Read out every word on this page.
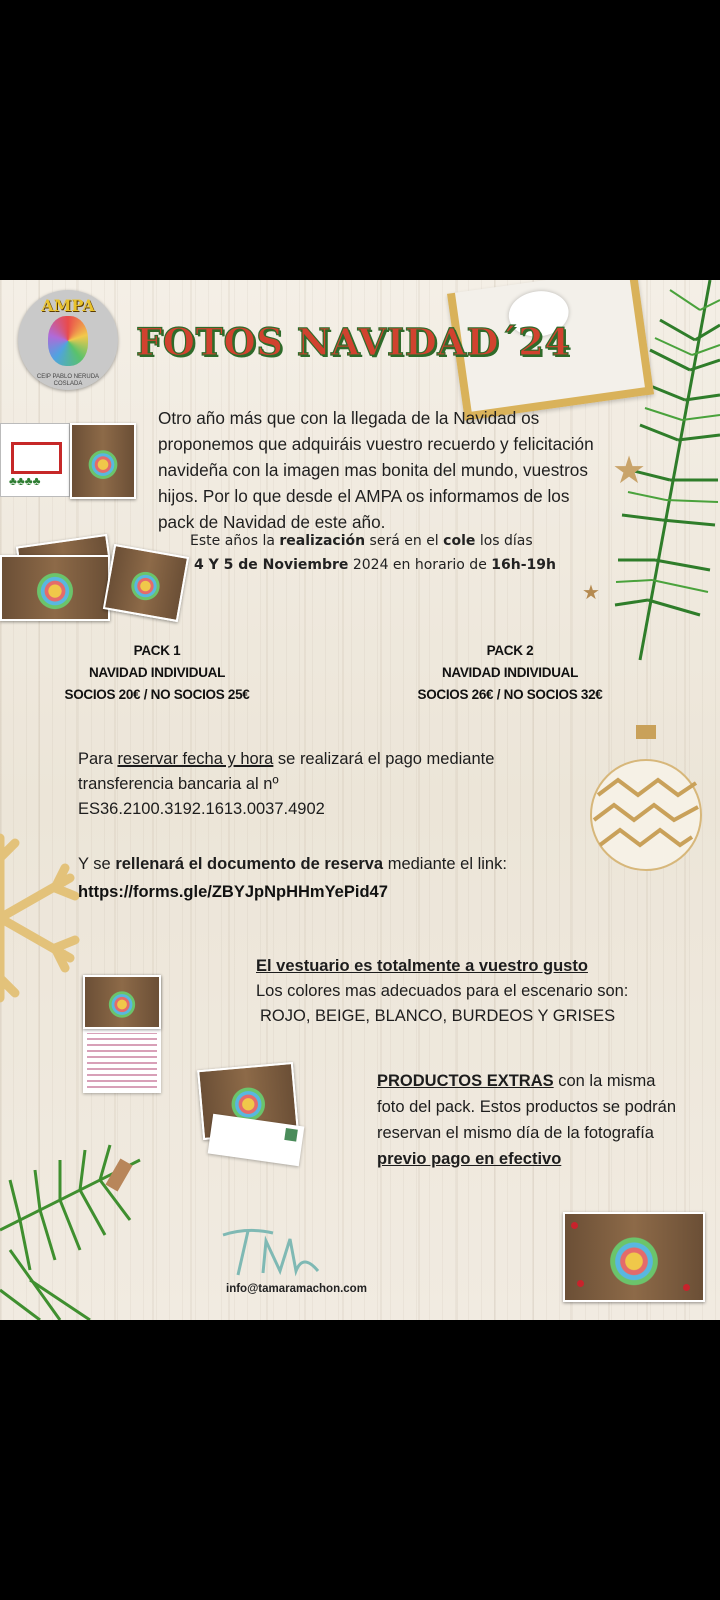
★
★
AMPA
CEIP PABLO NERUDA
COSLADA
FOTOS NAVIDAD´24
♣♣♣♣
Otro año más que con la llegada de la Navidad os proponemos que adquiráis vuestro recuerdo y felicitación navideña con la imagen mas bonita del mundo, vuestros hijos. Por lo que desde el AMPA os informamos de los pack de Navidad de este año.
Este años la realización será en el cole los días
4 Y 5 de Noviembre 2024 en horario de 16h-19h
PACK 1
NAVIDAD INDIVIDUAL
SOCIOS 20€ / NO SOCIOS 25€
PACK 2
NAVIDAD INDIVIDUAL
SOCIOS 26€ / NO SOCIOS 32€
Para reservar fecha y hora se realizará el pago mediante transferencia bancaria al nº
ES36.2100.3192.1613.0037.4902
Y se rellenará el documento de reserva mediante el link:
https://forms.gle/ZBYJpNpHHmYePid47
El vestuario es totalmente a vuestro gusto
Los colores mas adecuados para el escenario son:
ROJO, BEIGE, BLANCO, BURDEOS Y GRISES
PRODUCTOS EXTRAS con la misma foto del pack. Estos productos se podrán reservan el mismo día de la fotografía previo pago en efectivo
info@tamaramachon.com
